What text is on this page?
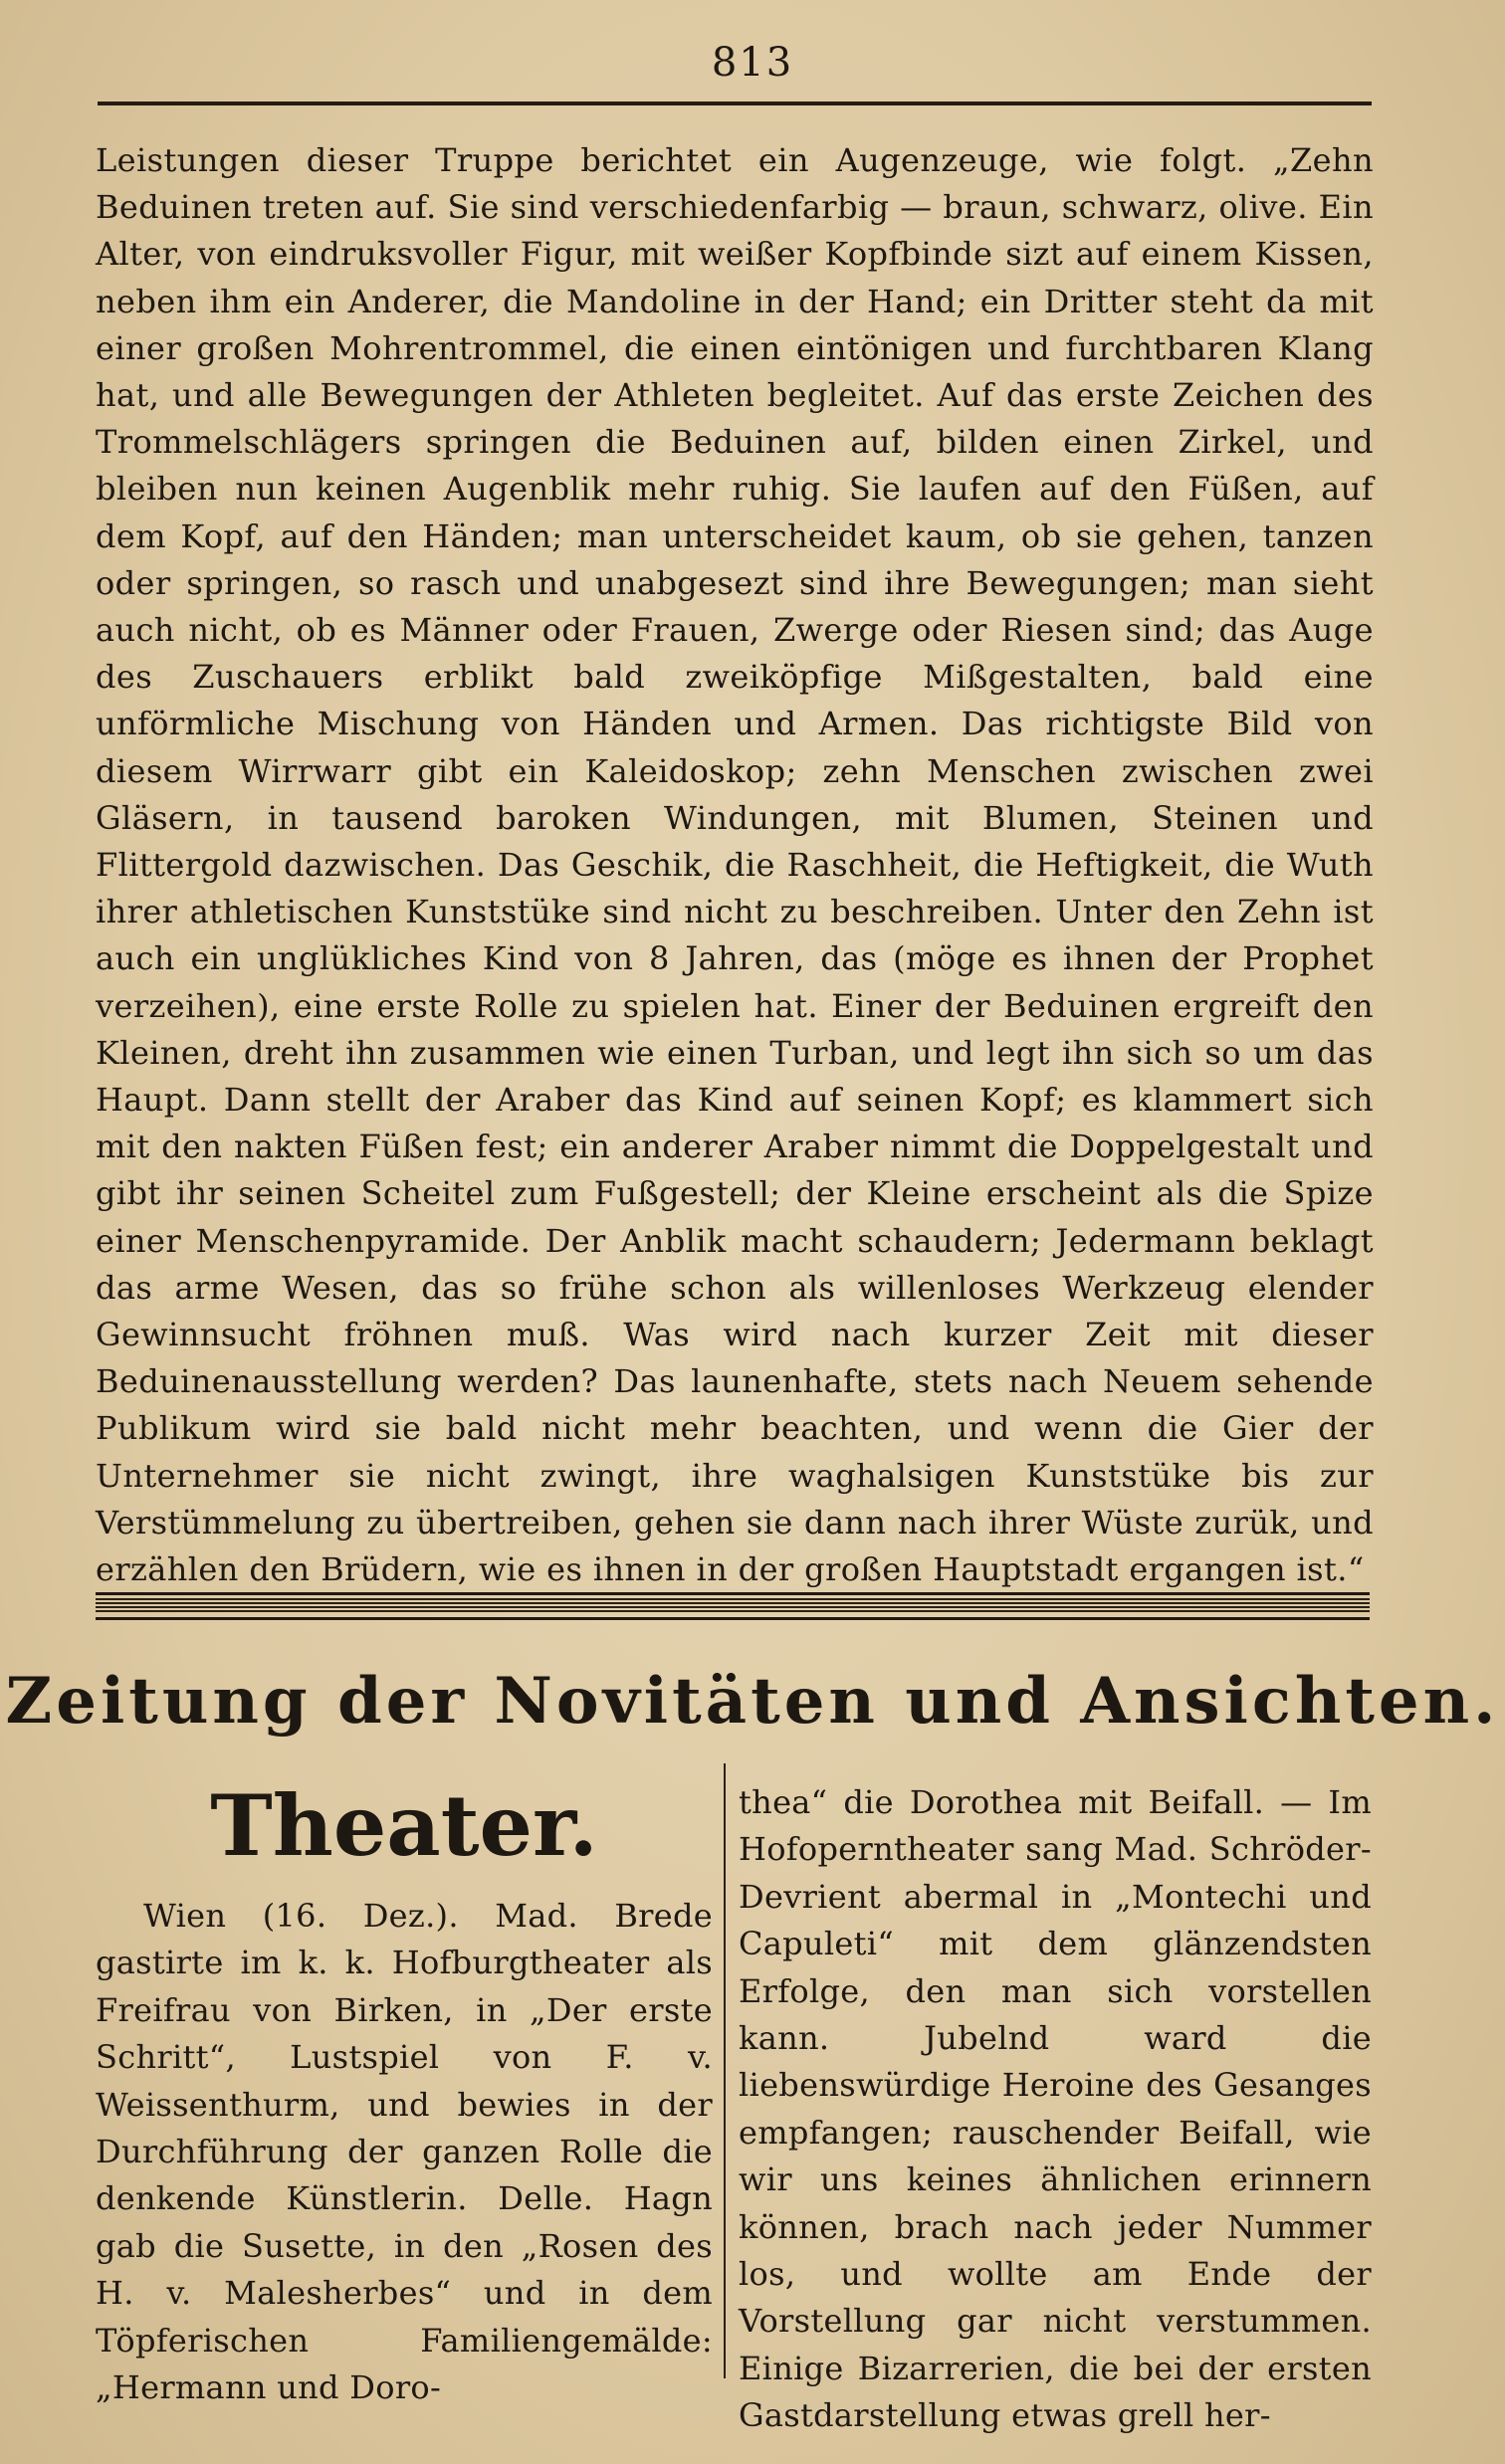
813

Leistungen dieser Truppe berichtet ein Augenzeuge, wie folgt. „Zehn Beduinen treten auf. Sie sind verschiedenfarbig — braun, schwarz, olive. Ein Alter, von eindruksvoller Figur, mit weißer Kopfbinde sizt auf einem Kissen, neben ihm ein Anderer, die Mandoline in der Hand; ein Dritter steht da mit einer großen Mohrentrommel, die einen eintönigen und furchtbaren Klang hat, und alle Bewegungen der Athleten begleitet. Auf das erste Zeichen des Trommelschlägers springen die Beduinen auf, bilden einen Zirkel, und bleiben nun keinen Augenblik mehr ruhig. Sie laufen auf den Füßen, auf dem Kopf, auf den Händen; man unterscheidet kaum, ob sie gehen, tanzen oder springen, so rasch und unabgesezt sind ihre Bewegungen; man sieht auch nicht, ob es Männer oder Frauen, Zwerge oder Riesen sind; das Auge des Zuschauers erblikt bald zweiköpfige Mißgestalten, bald eine unförmliche Mischung von Händen und Armen. Das richtigste Bild von diesem Wirrwarr gibt ein Kaleidoskop; zehn Menschen zwischen zwei Gläsern, in tausend baroken Windungen, mit Blumen, Steinen und Flittergold dazwischen. Das Geschik, die Raschheit, die Heftigkeit, die Wuth ihrer athletischen Kunststüke sind nicht zu beschreiben. Unter den Zehn ist auch ein unglükliches Kind von 8 Jahren, das (möge es ihnen der Prophet verzeihen), eine erste Rolle zu spielen hat. Einer der Beduinen ergreift den Kleinen, dreht ihn zusammen wie einen Turban, und legt ihn sich so um das Haupt. Dann stellt der Araber das Kind auf seinen Kopf; es klammert sich mit den nakten Füßen fest; ein anderer Araber nimmt die Doppelgestalt und gibt ihr seinen Scheitel zum Fußgestell; der Kleine erscheint als die Spize einer Menschenpyramide. Der Anblik macht schaudern; Jedermann beklagt das arme Wesen, das so frühe schon als willenloses Werkzeug elender Gewinnsucht fröhnen muß. Was wird nach kurzer Zeit mit dieser Beduinenausstellung werden? Das launenhafte, stets nach Neuem sehende Publikum wird sie bald nicht mehr beachten, und wenn die Gier der Unternehmer sie nicht zwingt, ihre waghalsigen Kunststüke bis zur Verstümmelung zu übertreiben, gehen sie dann nach ihrer Wüste zurük, und erzählen den Brüdern, wie es ihnen in der großen Hauptstadt ergangen ist.“

Zeitung der Novitäten und Ansichten.
Theater.

Wien (16. Dez.). Mad. Brede gastirte im k. k. Hofburgtheater als Freifrau von Birken, in „Der erste Schritt“, Lustspiel von F. v. Weissenthurm, und bewies in der Durchführung der ganzen Rolle die denkende Künstlerin. Delle. Hagn gab die Susette, in den „Rosen des H. v. Malesherbes“ und in dem Töpferischen Familiengemälde: „Hermann und Doro-

thea“ die Dorothea mit Beifall. — Im Hofoperntheater sang Mad. Schröder-Devrient abermal in „Montechi und Capuleti“ mit dem glänzendsten Erfolge, den man sich vorstellen kann. Jubelnd ward die liebenswürdige Heroine des Gesanges empfangen; rauschender Beifall, wie wir uns keines ähnlichen erinnern können, brach nach jeder Nummer los, und wollte am Ende der Vorstellung gar nicht verstummen. Einige Bizarrerien, die bei der ersten Gastdarstellung etwas grell her-
